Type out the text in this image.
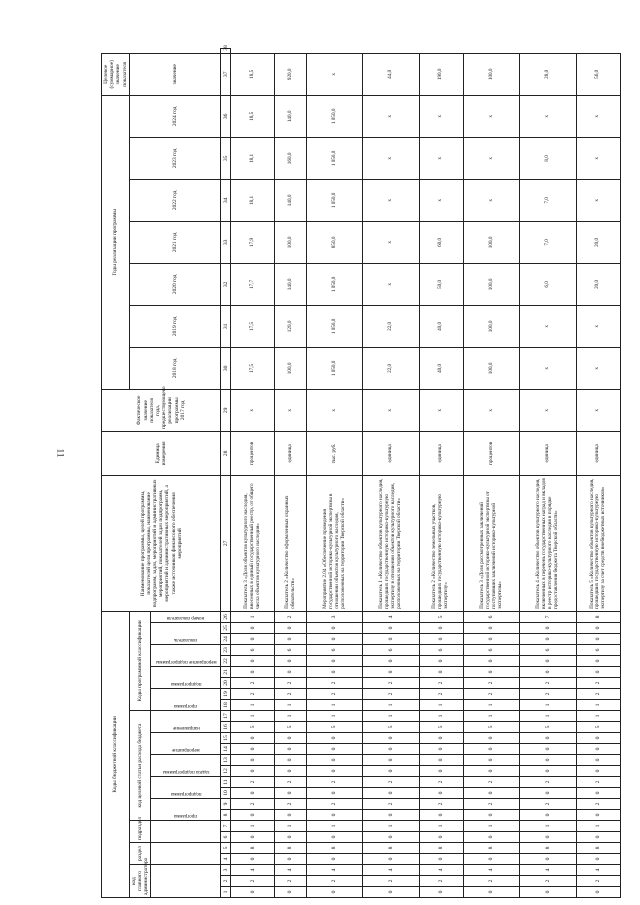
11
Коды бюджетной классификации																										Наименование программы, целей программы, показателей цели программы, наименование подпрограмм, задач, мероприятий и административных мероприятий, показателей задач подпрограмм, мероприятий и административных мероприятий, а также источников финансового обеспечения мероприятий	Единица измерения	Фактическое значение показателя года, предшествующего реализации программы 2017 год	Годы реализации программы							Целевое (суммарное) значение показателя	
код главного администратора			раздел		подраздел		код целевой статьи расхода бюджета										Коды программной классификации												2018 год	2019 год	2020 год	2021 год	2022 год	2023 год	2024 год	значение	

							программа		подпрограмма		задача подпрограммы		мероприятие		направление		программа		подпрограмма		мероприятие подпрограммы		показатель		номер показателя												

1	2	3	4	5	6	7	8	9	10	11	12	13	14	15	16	17	18	19	20	21	22	23	24	25	26	27	28	29	30	31	32	33	34	35	36	37	38
0	2	4	0	8	0	1	0	2	0	2	0	0	0	0	5	1	1	2	2	0	0	6	0	0	1	Показатель 3 «Доля объектов культурного наследия, внесенных в единый государственный реестр, от общего числа объектов культурного наследия»	процентов	х	17,5	17,5	17,7	17,9	18,1	18,1	18,5	18,5	
0	2	4	0	8	0	1	0	2	0	2	0	0	0	0	5	1	1	2	2	0	0	6	0	0	2	Показатель 2 «Количество оформленных охранных обязательств»	единица	х	100,0	120,0	140,0	100,0	140,0	160,0	140,0	920,0	
0	2	4	0	8	0	1	0	2	0	2	0	0	0	0	5	1	1	2	2	0	0	6	0	0	3	Мероприятие 2.04 «Обеспечение проведения государственной историко-культурной экспертизы в отношении объектов культурного наследия, расположенных на территории Тверской области»	тыс. руб.	х	1 050,0	1 050,0	1 050,0	850,0	1 050,0	1 050,0	1 050,0	х	
0	2	4	0	8	0	1	0	2	0	2	0	0	0	0	5	1	1	2	2	0	0	6	0	0	4	Показатель 1 «Количество объектов культурного наследия, прошедших государственную историко-культурную экспертизу в отношении объектов культурного наследия, расположенных на территории Тверской области»	единица	х	22,0	22,0	х	х	х	х	х	44,0	
0	2	4	0	8	0	1	0	2	0	2	0	0	0	0	5	1	1	2	2	0	0	6	0	0	5	Показатель 2 «Количество земельных участков, прошедших государственную историко-культурную экспертизу»	единица	х	40,0	40,0	50,0	60,0	х	х	х	190,0	
0	2	4	0	8	0	1	0	2	0	2	0	0	0	0	5	1	1	2	2	0	0	6	0	0	6	Показатель 3 «Доля рассмотренных заключений государственной историко-культурной экспертизы от поступивших заключений историко-культурной экспертизы»	процентов	х	100,0	100,0	100,0	100,0	х	х	х	100,0	
0	2	4	0	8	0	1	0	2	0	2	0	0	0	0	5	1	1	2	2	0	0	6	0	0	7	Показатель 4 «Количество объектов культурного наследия, включенных в перечень государственных наград и вкладов в реестр историко-культурного наследия в порядке предоставления бюджета Тверской области»	единица	х	х	х	6,0	7,0	7,0	8,0	х	28,0	
0	2	4	0	8	0	1	0	2	0	2	0	0	0	0	5	1	1	2	2	0	0	6	0	0	8	Показатель 5 «Количество объектов культурного наследия, прошедших государственную историко-культурную экспертизу за счет средств внебюджетных источников»	единица	х	х	х	20,0	20,0	х	х	х	56,0	
